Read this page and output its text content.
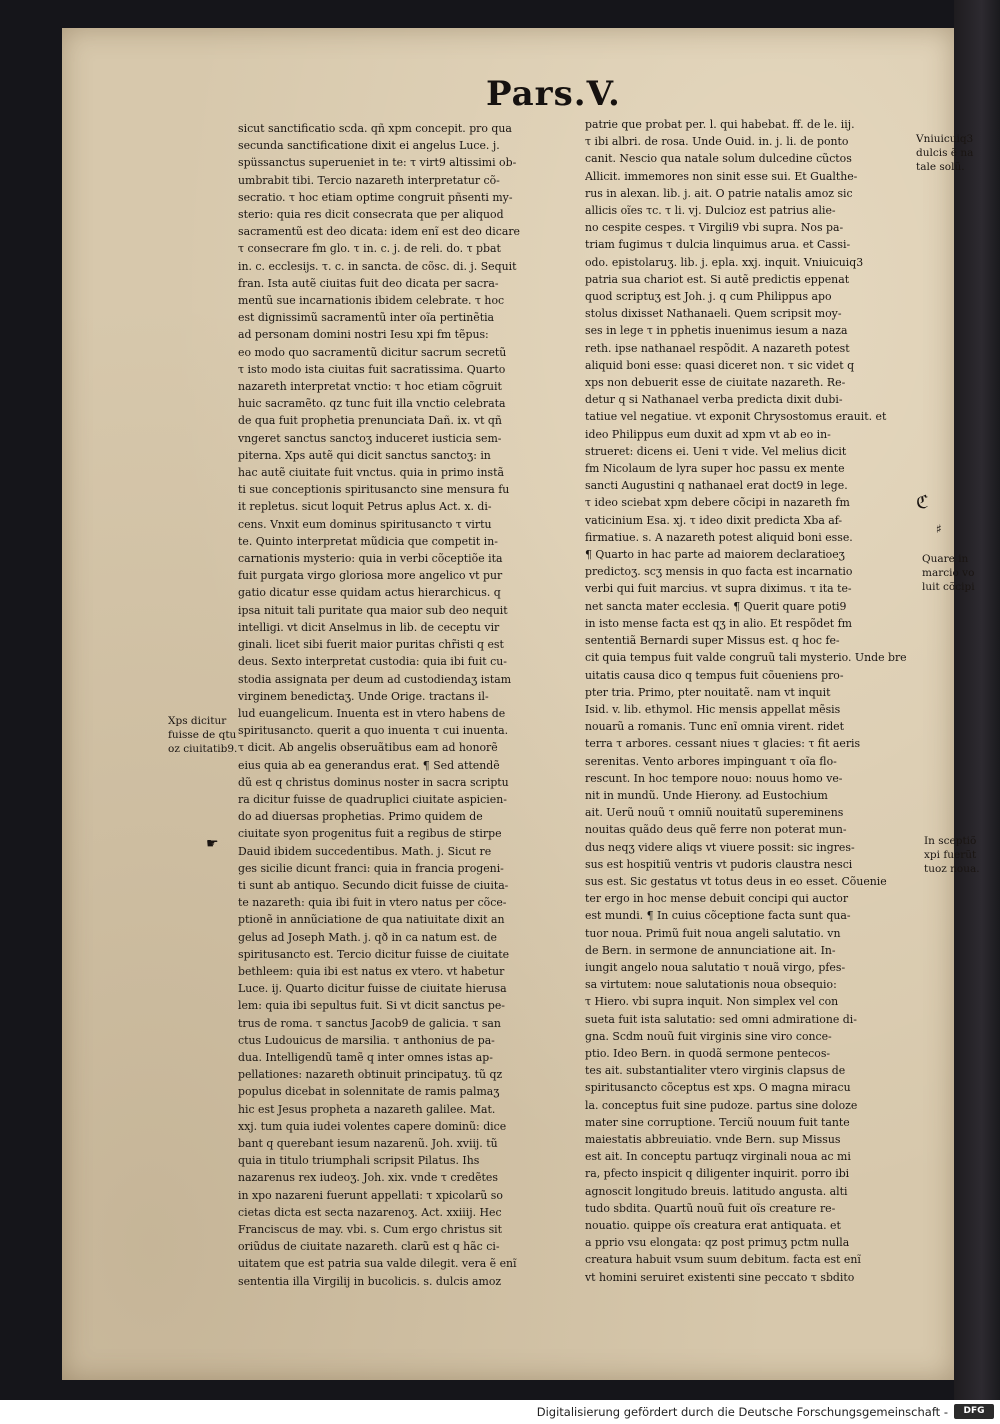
Pars.V.
sicut sanctificatio scda. qñ xpm concepit. pro qua
secunda sanctificatione dixit ei angelus Luce. j.
spüssanctus superueniet in te: τ virt9 altissimi ob-
umbrabit tibi. Tercio nazareth interpretatur cõ-
secratio. τ hoc etiam optime congruit pñsenti my-
sterio: quia res dicit consecrata que per aliquod
sacramentũ est deo dicata: idem enĩ est deo dicare
τ consecrare fm glo. τ in. c. j. de reli. do. τ pbat
in. c. ecclesijs. τ. c. in sancta. de cõsc. di. j. Sequit
fran. Ista autẽ ciuitas fuit deo dicata per sacra-
mentũ sue incarnationis ibidem celebrate. τ hoc
est dignissimũ sacramentũ inter oĩa pertinẽtia
ad personam domini nostri Iesu xpi fm tẽpus:
eo modo quo sacramentũ dicitur sacrum secretũ
τ isto modo ista ciuitas fuit sacratissima. Quarto
nazareth interpretat vnctio: τ hoc etiam cõgruit
huic sacramẽto. qz tunc fuit illa vnctio celebrata
de qua fuit prophetia prenunciata Dañ. ix. vt qñ
vngeret sanctus sanctoʒ induceret iusticia sem-
piterna. Xps autẽ qui dicit sanctus sanctoʒ: in
hac autẽ ciuitate fuit vnctus. quia in primo instã
ti sue conceptionis spiritusancto sine mensura fu
it repletus. sicut loquit Petrus aplus Act. x. di-
cens. Vnxit eum dominus spiritusancto τ virtu
te. Quinto interpretat mũdicia que competit in-
carnationis mysterio: quia in verbi cõceptiõe ita
fuit purgata virgo gloriosa more angelico vt pur
gatio dicatur esse quidam actus hierarchicus. q
ipsa nituit tali puritate qua maior sub deo nequit
intelligi. vt dicit Anselmus in lib. de ceceptu vir
ginali. licet sibi fuerit maior puritas chr̃isti q est
deus. Sexto interpretat custodia: quia ibi fuit cu-
stodia assignata per deum ad custodiendaʒ istam
virginem benedictaʒ. Unde Orige. tractans il-
lud euangelicum. Inuenta est in vtero habens de
spiritusancto. querit a quo inuenta τ cui inuenta.
τ dicit. Ab angelis obseruãtibus eam ad honorẽ
eius quia ab ea generandus erat. ¶ Sed attendẽ
dũ est q christus dominus noster in sacra scriptu
ra dicitur fuisse de quadruplici ciuitate aspicien-
do ad diuersas prophetias. Primo quidem de
ciuitate syon progenitus fuit a regibus de stirpe
Dauid ibidem succedentibus. Math. j. Sicut re
ges sicilie dicunt franci: quia in francia progeni-
ti sunt ab antiquo. Secundo dicit fuisse de ciuita-
te nazareth: quia ibi fuit in vtero natus per cõce-
ptionẽ in annũciatione de qua natiuitate dixit an
gelus ad Joseph Math. j. qð in ca natum est. de
spiritusancto est. Tercio dicitur fuisse de ciuitate
bethleem: quia ibi est natus ex vtero. vt habetur
Luce. ij. Quarto dicitur fuisse de ciuitate hierusa
lem: quia ibi sepultus fuit. Si vt dicit sanctus pe-
trus de roma. τ sanctus Jacob9 de galicia. τ san
ctus Ludouicus de marsilia. τ anthonius de pa-
dua. Intelligendũ tamẽ q inter omnes istas ap-
pellationes: nazareth obtinuit principatuʒ. tũ qz
populus dicebat in solennitate de ramis palmaʒ
hic est Jesus propheta a nazareth galilee. Mat.
xxj. tum quia iudei volentes capere dominũ: dice
bant q querebant iesum nazarenũ. Joh. xviij. tũ
quia in titulo triumphali scripsit Pilatus. Ihs
nazarenus rex iudeoʒ. Joh. xix. vnde τ credẽtes
in xpo nazareni fuerunt appellati: τ xpicolarũ so
cietas dicta est secta nazarenoʒ. Act. xxiiij. Hec
Franciscus de may. vbi. s. Cum ergo christus sit
oriũdus de ciuitate nazareth. clarũ est q hãc ci-
uitatem que est patria sua valde dilegit. vera ẽ enĩ
sententia illa Virgilij in bucolicis. s. dulcis amoz
patrie que probat per. l. qui habebat. ff. de le. iij.
τ ibi albri. de rosa. Unde Ouid. in. j. li. de ponto
canit. Nescio qua natale solum dulcedine cũctos
Allicit. immemores non sinit esse sui. Et Gualthe-
rus in alexan. lib. j. ait. O patrie natalis amoz sic
allicis oĩes τc. τ li. vj. Dulcioz est patrius alie-
no cespite cespes. τ Virgili9 vbi supra. Nos pa-
triam fugimus τ dulcia linquimus arua. et Cassi-
odo. epistolaruʒ. lib. j. epla. xxj. inquit. Vniuicuiq3
patria sua chariot est. Si autẽ predictis eppenat
quod scriptuʒ est Joh. j. q cum Philippus apo
stolus dixisset Nathanaeli. Quem scripsit moy-
ses in lege τ in pphetis inuenimus iesum a naza
reth. ipse nathanael respõdit. A nazareth potest
aliquid boni esse: quasi diceret non. τ sic videt q
xps non debuerit esse de ciuitate nazareth. Re-
detur q si Nathanael verba predicta dixit dubi-
tatiue vel negatiue. vt exponit Chrysostomus erauit. et
ideo Philippus eum duxit ad xpm vt ab eo in-
strueret: dicens ei. Ueni τ vide. Vel melius dicit
fm Nicolaum de lyra super hoc passu ex mente
sancti Augustini q nathanael erat doct9 in lege.
τ ideo sciebat xpm debere cõcipi in nazareth fm
vaticinium Esa. xj. τ ideo dixit predicta Xba af-
firmatiue. s. A nazareth potest aliquid boni esse.
¶ Quarto in hac parte ad maiorem declaratioeʒ
predictoʒ. scʒ mensis in quo facta est incarnatio
verbi qui fuit marcius. vt supra diximus. τ ita te-
net sancta mater ecclesia. ¶ Querit quare poti9
in isto mense facta est qʒ in alio. Et respõdet fm
sententiã Bernardi super Missus est. q hoc fe-
cit quia tempus fuit valde congruũ tali mysterio. Unde bre
uitatis causa dico q tempus fuit cõueniens pro-
pter tria. Primo, pter nouitatẽ. nam vt inquit
Isid. v. lib. ethymol. Hic mensis appellat mẽsis
nouarũ a romanis. Tunc enĩ omnia virent. ridet
terra τ arbores. cessant niues τ glacies: τ fit aeris
serenitas. Vento arbores impinguant τ oĩa flo-
rescunt. In hoc tempore nouo: nouus homo ve-
nit in mundũ. Unde Hierony. ad Eustochium
ait. Uerũ nouũ τ omniũ nouitatũ supereminens
nouitas quãdo deus quẽ ferre non poterat mun-
dus neqʒ videre aliqs vt viuere possit: sic ingres-
sus est hospitiũ ventris vt pudoris claustra nesci
sus est. Sic gestatus vt totus deus in eo esset. Cõuenie
ter ergo in hoc mense debuit concipi qui auctor
est mundi. ¶ In cuius cõceptione facta sunt qua-
tuor noua. Primũ fuit noua angeli salutatio. vn
de Bern. in sermone de annunciatione ait. In-
iungit angelo noua salutatio τ nouã virgo, pfes-
sa virtutem: noue salutationis noua obsequio:
τ Hiero. vbi supra inquit. Non simplex vel con
sueta fuit ista salutatio: sed omni admiratione di-
gna. Scdm nouũ fuit virginis sine viro conce-
ptio. Ideo Bern. in quodã sermone pentecos-
tes ait. substantialiter vtero virginis clapsus de
spiritusancto cõceptus est xps. O magna miracu
la. conceptus fuit sine pudoze. partus sine doloze
mater sine corruptione. Terciũ nouum fuit tante
maiestatis abbreuiatio. vnde Bern. sup Missus
est ait. In conceptu partuqz virginali noua ac mi
ra, pfecto inspicit q diligenter inquirit. porro ibi
agnoscit longitudo breuis. latitudo angusta. alti
tudo sbdita. Quartũ nouũ fuit oĩs creature re-
nouatio. quippe oĩs creatura erat antiquata. et
a pprio vsu elongata: qz post primuʒ pctm nulla
creatura habuit vsum suum debitum. facta est enĩ
vt homini seruiret existenti sine peccato τ sbdito
Xps dicitur
fuisse de qtu
oz ciuitatib9.
Vniuicuiq3
dulcis ẽ na
tale solũ.
Quare in
marcio vo
luit cõcipi
In sceptiõ
xpi fuerũt
tuoz noua.
ℭ
♯
☛
Digitalisierung gefördert durch die Deutsche Forschungsgemeinschaft -	DFG
